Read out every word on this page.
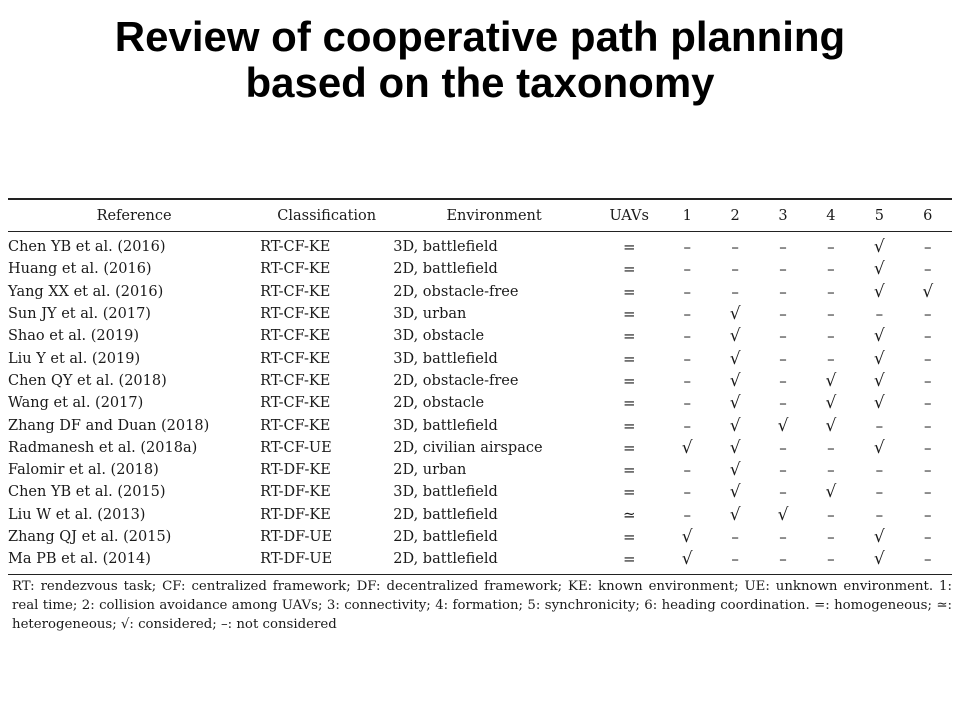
Review of cooperative path planning
based on the taxonomy
Reference	Classification	Environment	UAVs	1	2	3	4	5	6
Chen YB et al. (2016)	RT-CF-KE	3D, battlefield	=	–	–	–	–	√	–
Huang et al. (2016)	RT-CF-KE	2D, battlefield	=	–	–	–	–	√	–
Yang XX et al. (2016)	RT-CF-KE	2D, obstacle-free	=	–	–	–	–	√	√
Sun JY et al. (2017)	RT-CF-KE	3D, urban	=	–	√	–	–	–	–
Shao et al. (2019)	RT-CF-KE	3D, obstacle	=	–	√	–	–	√	–
Liu Y et al. (2019)	RT-CF-KE	3D, battlefield	=	–	√	–	–	√	–
Chen QY et al. (2018)	RT-CF-KE	2D, obstacle-free	=	–	√	–	√	√	–
Wang et al. (2017)	RT-CF-KE	2D, obstacle	=	–	√	–	√	√	–
Zhang DF and Duan (2018)	RT-CF-KE	3D, battlefield	=	–	√	√	√	–	–
Radmanesh et al. (2018a)	RT-CF-UE	2D, civilian airspace	=	√	√	–	–	√	–
Falomir et al. (2018)	RT-DF-KE	2D, urban	=	–	√	–	–	–	–
Chen YB et al. (2015)	RT-DF-KE	3D, battlefield	=	–	√	–	√	–	–
Liu W et al. (2013)	RT-DF-KE	2D, battlefield	≃	–	√	√	–	–	–
Zhang QJ et al. (2015)	RT-DF-UE	2D, battlefield	=	√	–	–	–	√	–
Ma PB et al. (2014)	RT-DF-UE	2D, battlefield	=	√	–	–	–	√	–
RT: rendezvous task; CF: centralized framework; DF: decentralized framework; KE: known environment; UE: unknown environment. 1: real time; 2: collision avoidance among UAVs; 3: connectivity; 4: formation; 5: synchronicity; 6: heading coordination. =: homogeneous; ≃: heterogeneous; √: considered; –: not considered
